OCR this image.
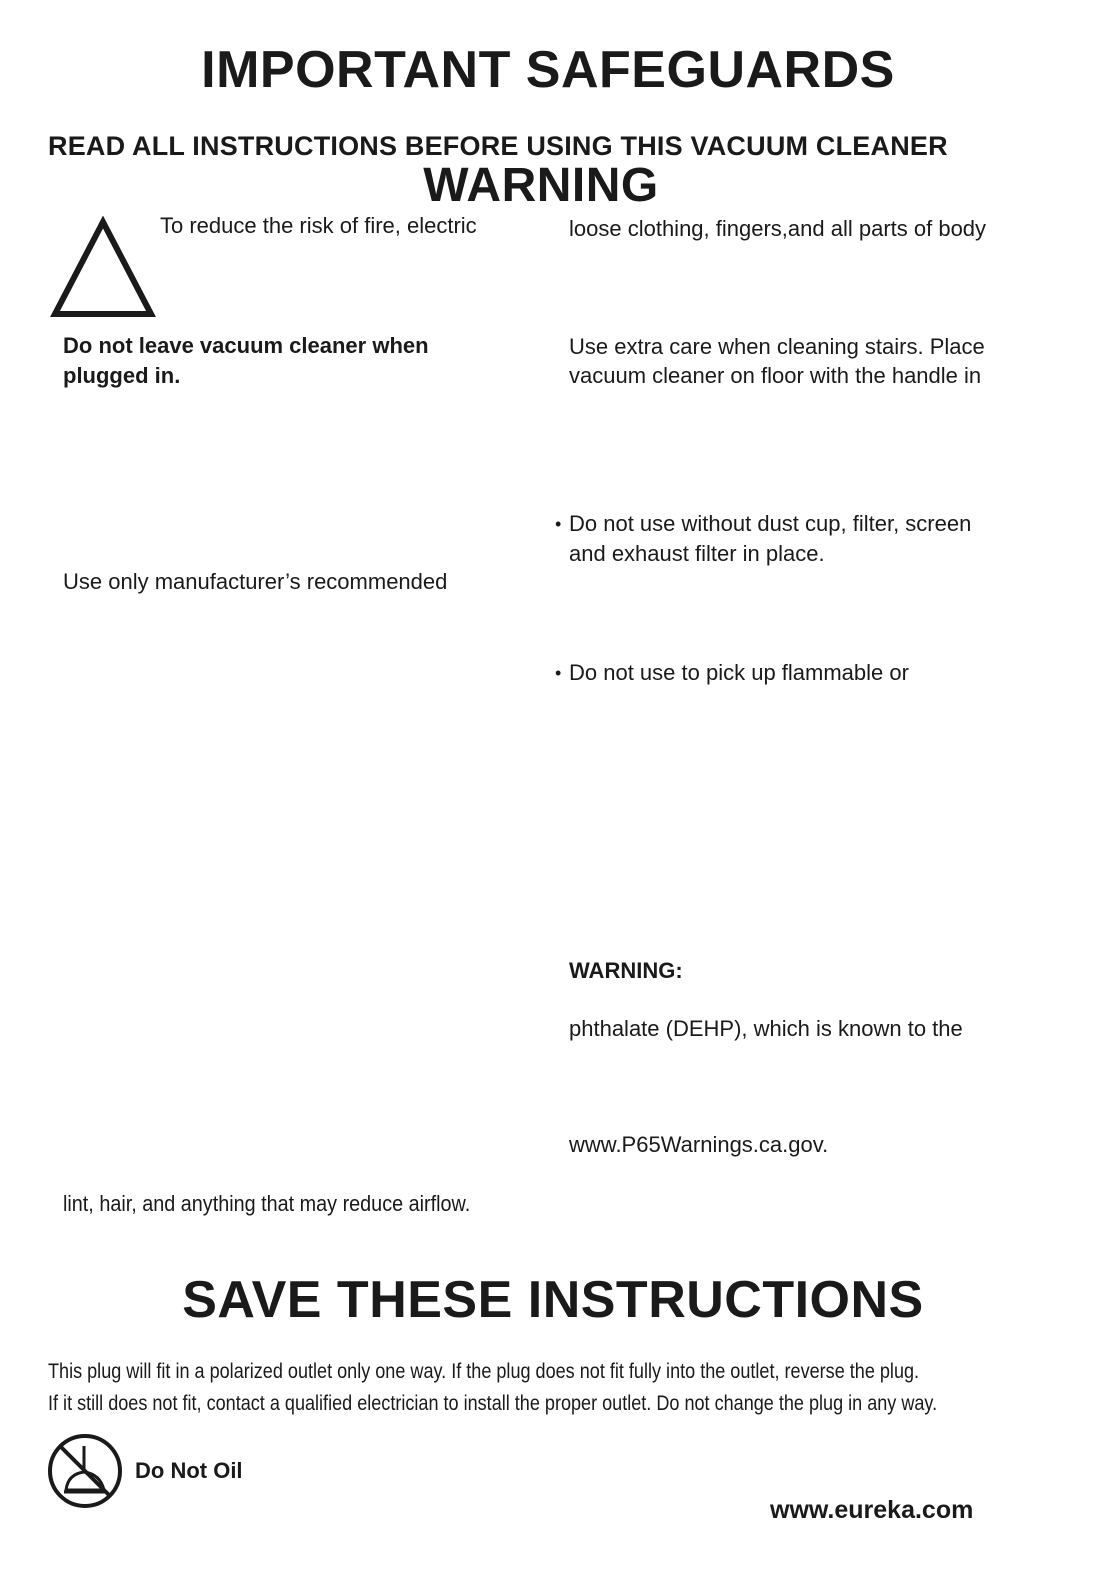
IMPORTANT SAFEGUARDS
READ ALL INSTRUCTIONS BEFORE USING THIS VACUUM CLEANER
WARNING
To reduce the risk of fire, electric
Do not leave vacuum cleaner when
plugged in.
Use only manufacturer’s recommended
lint, hair, and anything that may reduce airflow.
loose clothing, fingers,and all parts of body
Use extra care when cleaning stairs. Place
vacuum cleaner on floor with the handle in
• Do not use without dust cup, filter, screen
and exhaust filter in place.
• Do not use to pick up flammable or
WARNING:
phthalate (DEHP), which is known to the
www.P65Warnings.ca.gov.
SAVE THESE INSTRUCTIONS
This plug will fit in a polarized outlet only one way. If the plug does not fit fully into the outlet, reverse the plug.
If it still does not fit, contact a qualified electrician to install the proper outlet. Do not change the plug in any way.
Do Not Oil
www.eureka.com
